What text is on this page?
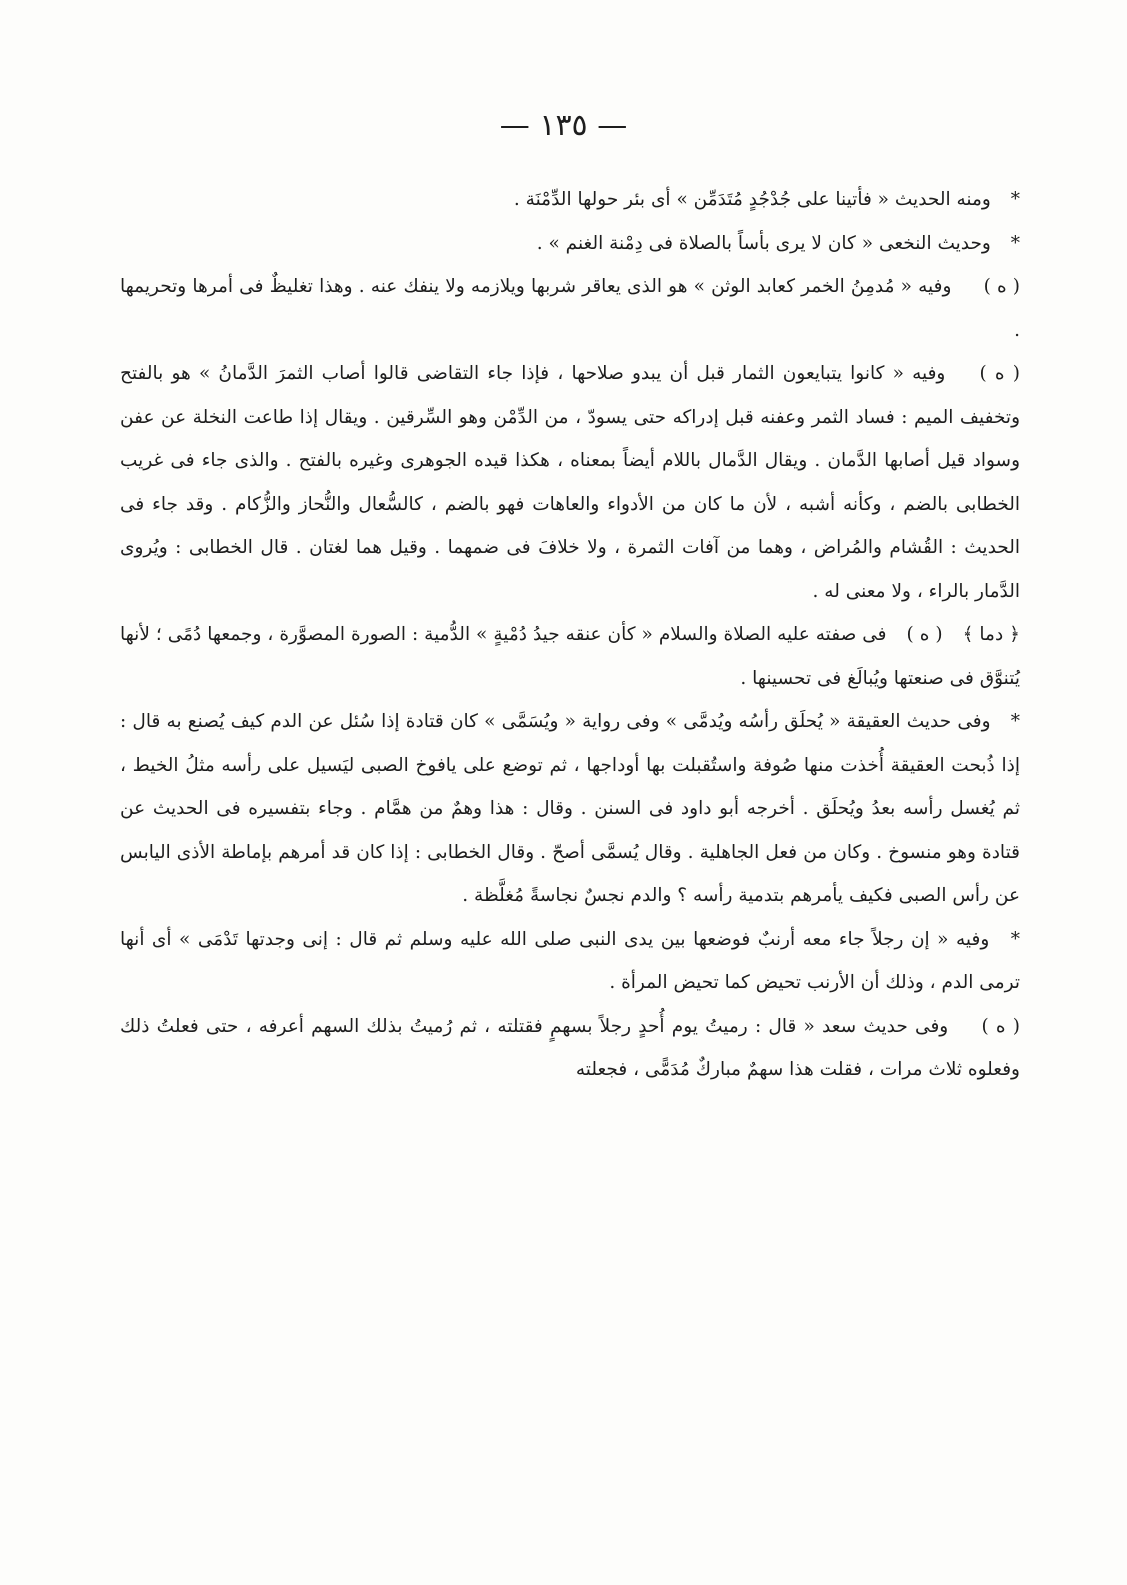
— ١٣٥ —

* ومنه الحديث « فأتينا على جُدْجُدٍ مُتَدَمِّن » أى بئر حولها الدِّمْنَة .

* وحديث النخعى « كان لا يرى بأساً بالصلاة فى دِمْنة الغنم » .

( ه ) وفيه « مُدمِنُ الخمر كعابد الوثن » هو الذى يعاقر شربها ويلازمه ولا ينفك عنه . وهذا تغليظٌ فى أمرها وتحريمها .

( ه ) وفيه « كانوا يتبايعون الثمار قبل أن يبدو صلاحها ، فإذا جاء التقاضى قالوا أصاب الثمرَ الدَّمانُ » هو بالفتح وتخفيف الميم : فساد الثمر وعفنه قبل إدراكه حتى يسودّ ، من الدِّمْن وهو السِّرقين . ويقال إذا طاعت النخلة عن عفن وسواد قيل أصابها الدَّمان . ويقال الدَّمال باللام أيضاً بمعناه ، هكذا قيده الجوهرى وغيره بالفتح . والذى جاء فى غريب الخطابى بالضم ، وكأنه أشبه ، لأن ما كان من الأدواء والعاهات فهو بالضم ، كالسُّعال والنُّحاز والزُّكام . وقد جاء فى الحديث : القُشام والمُراض ، وهما من آفات الثمرة ، ولا خلافَ فى ضمهما . وقيل هما لغتان . قال الخطابى : ويُروى الدَّمار بالراء ، ولا معنى له .

﴿ دما ﴾ ( ه ) فى صفته عليه الصلاة والسلام « كأن عنقه جيدُ دُمْيةٍ » الدُّمية : الصورة المصوَّرة ، وجمعها دُمًى ؛ لأنها يُتنوَّق فى صنعتها ويُبالَغ فى تحسينها .

* وفى حديث العقيقة « يُحلَق رأسُه ويُدمَّى » وفى رواية « ويُسَمَّى » كان قتادة إذا سُئل عن الدم كيف يُصنع به قال : إذا ذُبحت العقيقة أُخذت منها صُوفة واستُقبلت بها أوداجها ، ثم توضع على يافوخ الصبى ليَسيل على رأسه مثلُ الخيط ، ثم يُغسل رأسه بعدُ ويُحلَق . أخرجه أبو داود فى السنن . وقال : هذا وهمٌ من همَّام . وجاء بتفسيره فى الحديث عن قتادة وهو منسوخ . وكان من فعل الجاهلية . وقال يُسمَّى أصحّ . وقال الخطابى : إذا كان قد أمرهم بإماطة الأذى اليابس عن رأس الصبى فكيف يأمرهم بتدمية رأسه ؟ والدم نجسٌ نجاسةً مُغلَّظة .

* وفيه « إن رجلاً جاء معه أرنبٌ فوضعها بين يدى النبى صلى الله عليه وسلم ثم قال : إنى وجدتها تَدْمَى » أى أنها ترمى الدم ، وذلك أن الأرنب تحيض كما تحيض المرأة .

( ه ) وفى حديث سعد « قال : رميتُ يوم أُحدٍ رجلاً بسهمٍ فقتلته ، ثم رُميتُ بذلك السهم أعرفه ، حتى فعلتُ ذلك وفعلوه ثلاث مرات ، فقلت هذا سهمٌ مباركٌ مُدَمًّى ، فجعلته
